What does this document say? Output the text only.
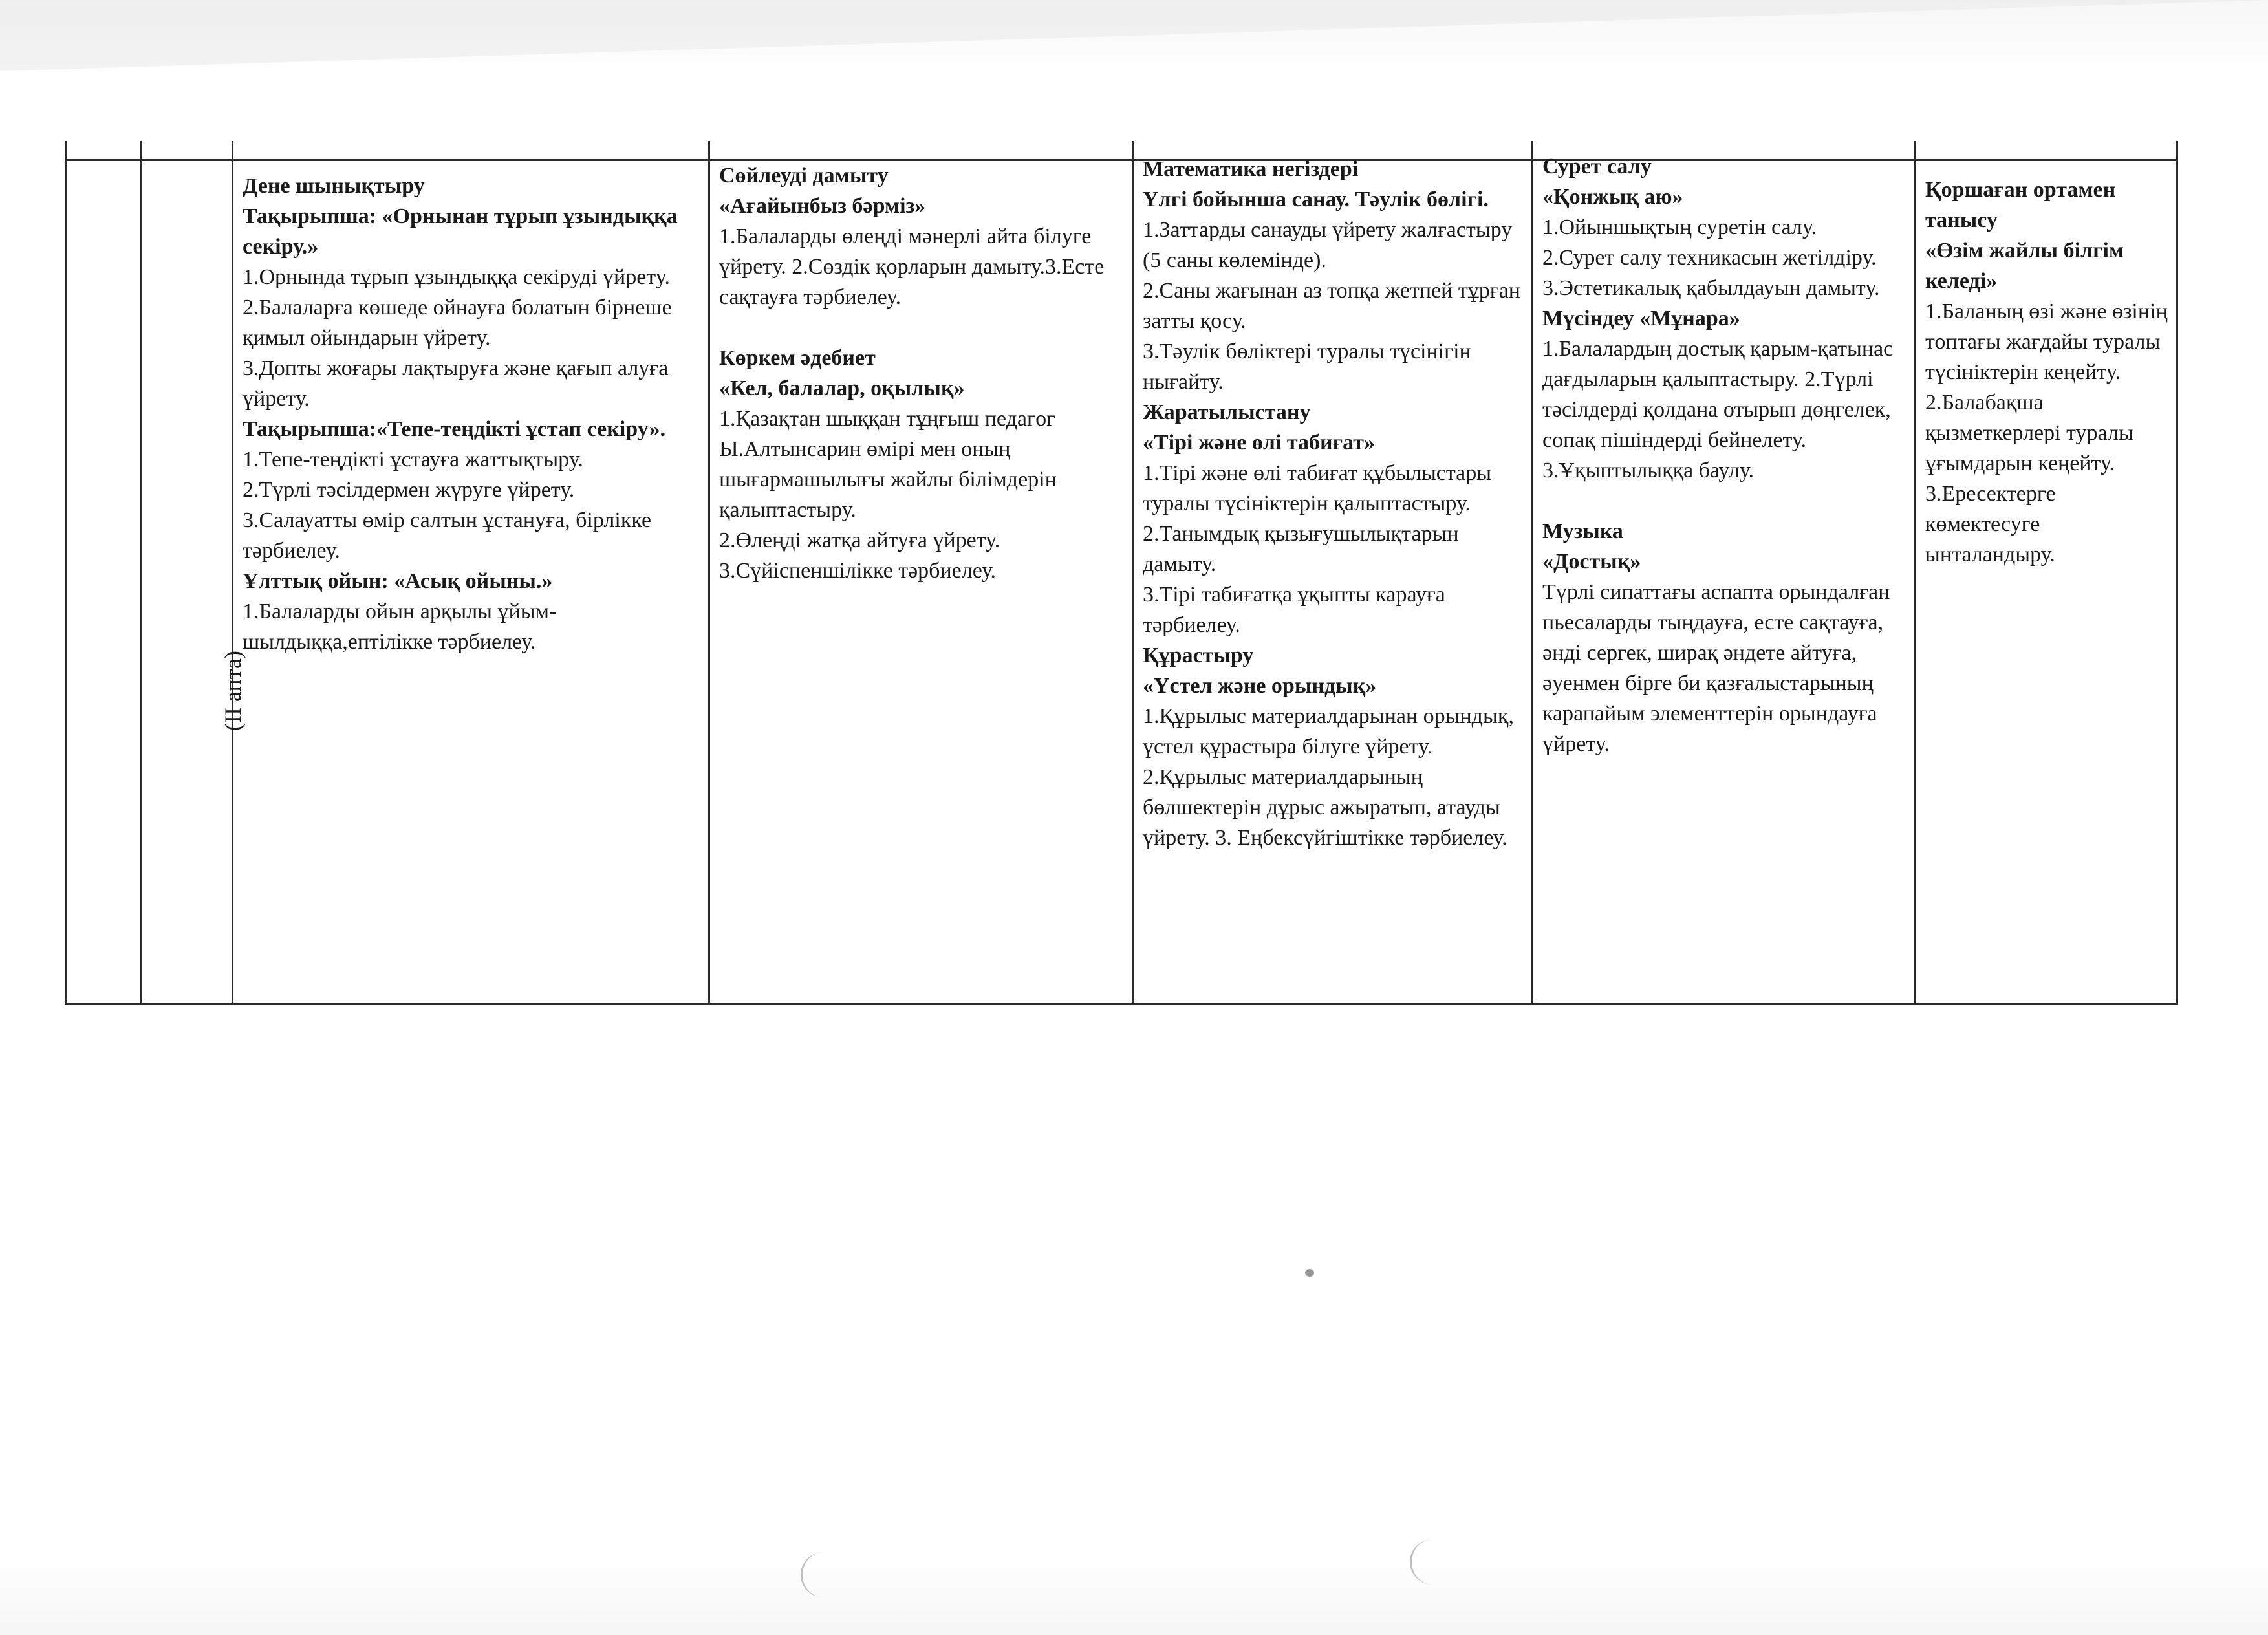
(II апта)

Дене шынықтыру

Тақырыпша: «Орнынан тұрып ұзындыққа секіру.»

1.Орнында тұрып ұзындыққа секіруді үйрету.

2.Балаларға көшеде ойнауға болатын бірнеше қимыл ойындарын үйрету.

3.Допты жоғары лақтыруға және қағып алуға үйрету.

Тақырыпша:«Тепе-теңдікті ұстап секіру».

1.Тепе-теңдікті ұстауға жаттықтыру.

2.Түрлі тәсілдермен жүруге үйрету.

3.Салауатты өмір салтын ұстануға, бірлікке тәрбиелеу.

Ұлттық ойын: «Асық ойыны.»

1.Балаларды ойын арқылы ұйым-шылдыққа,ептілікке тәрбиелеу.

Сөйлеуді дамыту

«Ағайынбыз бәрміз»

1.Балаларды өлеңді мәнерлі айта білуге үйрету. 2.Сөздік қорларын дамыту.3.Есте сақтауға тәрбиелеу.

Көркем әдебиет

«Кел, балалар, оқылық»

1.Қазақтан шыққан тұңғыш педагог Ы.Алтынсарин өмірі мен оның шығармашылығы жайлы білімдерін қалыптастыру.

2.Өлеңді жатқа айтуға үйрету.

3.Сүйіспеншілікке тәрбиелеу.

Математика негіздері

Үлгі бойынша санау. Тәулік бөлігі.

1.Заттарды санауды үйрету жалғастыру (5 саны көлемінде).

2.Саны жағынан аз топқа жетпей тұрған затты қосу.

3.Тәулік бөліктері туралы түсінігін нығайту.

Жаратылыстану

«Тірі және өлі табиғат»

1.Тірі және өлі табиғат құбылыстары туралы түсініктерін қалыптастыру.

2.Танымдық қызығушылықтарын дамыту.

3.Тірі табиғатқа ұқыпты карауға тәрбиелеу.

Құрастыру

«Үстел және орындық»

1.Құрылыс материалдарынан орындық, үстел құрастыра білуге үйрету. 2.Құрылыс материалдарының бөлшектерін дұрыс ажыратып, атауды үйрету. 3. Еңбексүйгіштікке тәрбиелеу.

Сурет салу

«Қонжық аю»

1.Ойыншықтың суретін салу.

2.Сурет салу техникасын жетілдіру. 3.Эстетикалық қабылдауын дамыту.

Мүсіндеу «Мұнара»

1.Балалардың достық қарым-қатынас дағдыларын қалыптастыру. 2.Түрлі тәсілдерді қолдана отырып дөңгелек, сопақ пішіндерді бейнелету. 3.Ұқыптылыққа баулу.

Музыка

«Достық»

Түрлі сипаттағы аспапта орындалған пьесаларды тыңдауға, есте сақтауға, әнді сергек, ширақ әндете айтуға, әуенмен бірге би қазғалыстарының карапайым элементтерін орындауға үйрету.

Қоршаған ортамен танысу

«Өзім жайлы білгім келеді»

1.Баланың өзі және өзінің топтағы жағдайы туралы түсініктерін кеңейту.

2.Балабақша қызметкерлері туралы ұғымдарын кеңейту.

3.Ересектерге көмектесуге ынталандыру.
